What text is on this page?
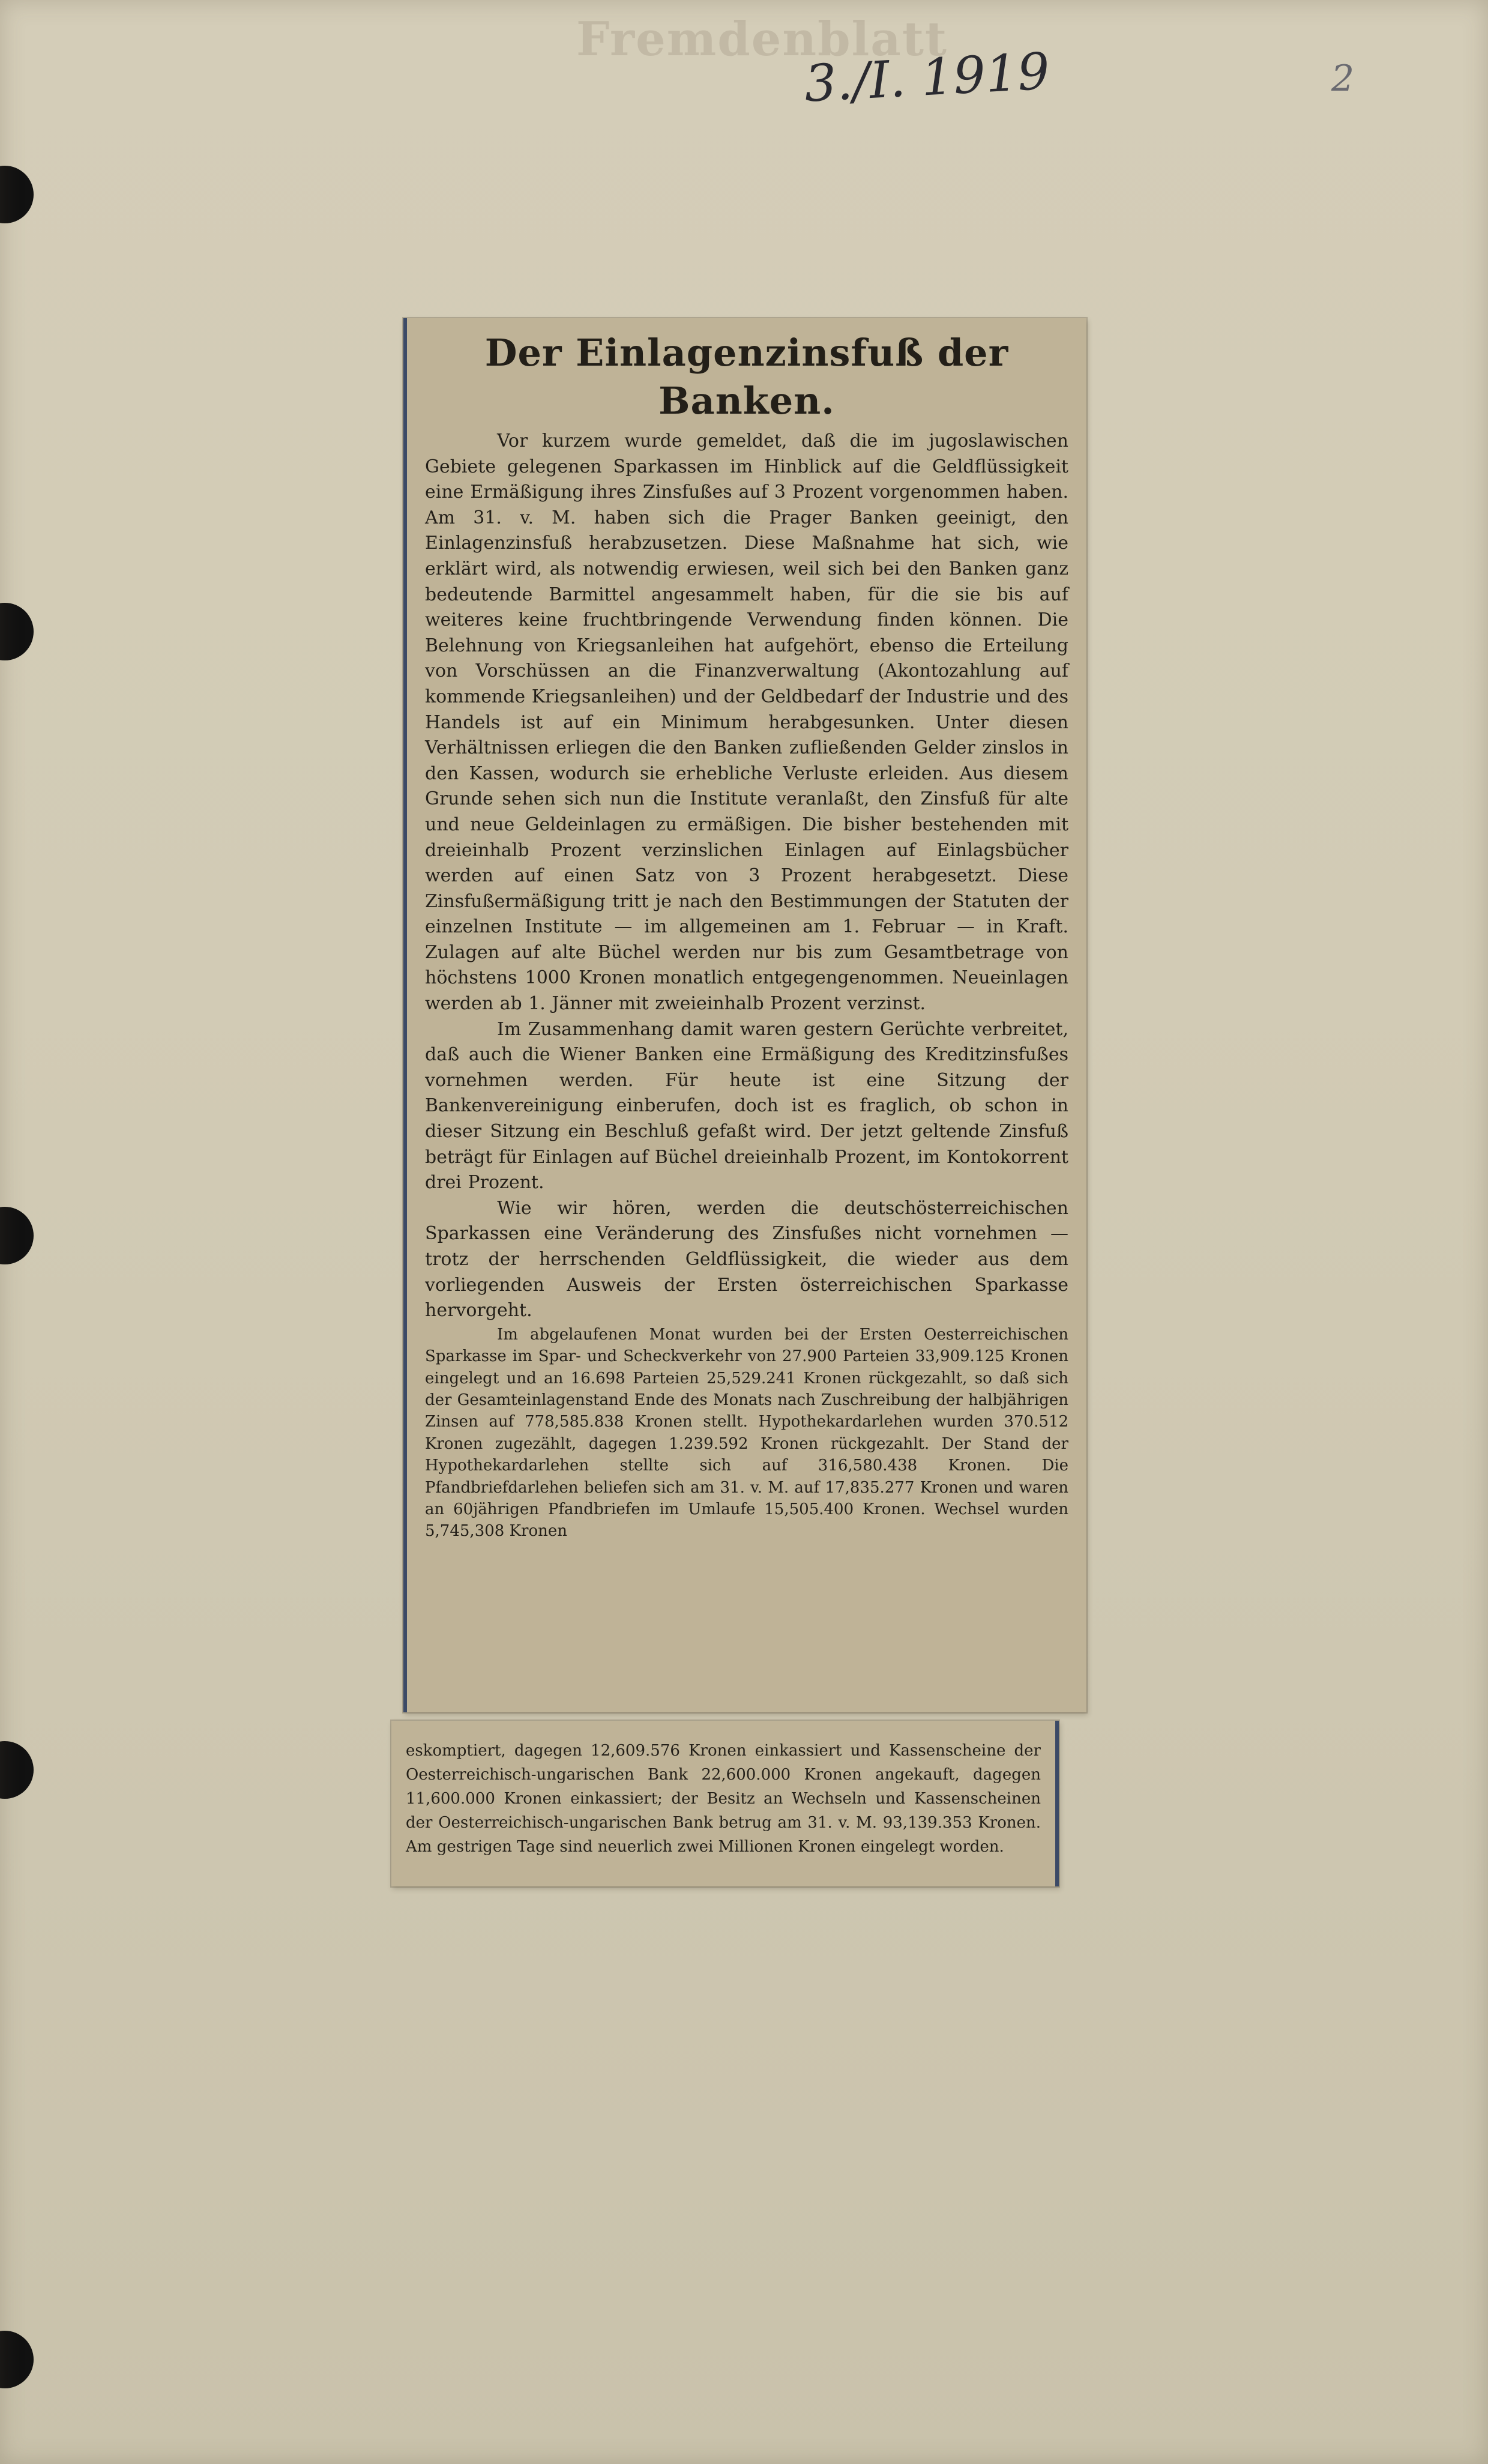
Fremdenblatt
3./I. 1919	2
Der Einlagenzinsfuß der Banken.

Vor kurzem wurde gemeldet, daß die im jugoslawischen Gebiete gelegenen Sparkassen im Hinblick auf die Geldflüssigkeit eine Ermäßigung ihres Zinsfußes auf 3 Prozent vorgenommen haben. Am 31. v. M. haben sich die Prager Banken geeinigt, den Einlagenzinsfuß herabzusetzen. Diese Maßnahme hat sich, wie erklärt wird, als notwendig erwiesen, weil sich bei den Banken ganz bedeutende Barmittel angesammelt haben, für die sie bis auf weiteres keine fruchtbringende Verwendung finden können. Die Belehnung von Kriegsanleihen hat aufgehört, ebenso die Erteilung von Vorschüssen an die Finanzverwaltung (Akontozahlung auf kommende Kriegsanleihen) und der Geldbedarf der Industrie und des Handels ist auf ein Minimum herabgesunken. Unter diesen Verhältnissen erliegen die den Banken zufließenden Gelder zinslos in den Kassen, wodurch sie erhebliche Verluste erleiden. Aus diesem Grunde sehen sich nun die Institute veranlaßt, den Zinsfuß für alte und neue Geldeinlagen zu ermäßigen. Die bisher bestehenden mit dreieinhalb Prozent verzinslichen Einlagen auf Einlagsbücher werden auf einen Satz von 3 Prozent herabgesetzt. Diese Zinsfußermäßigung tritt je nach den Bestimmungen der Statuten der einzelnen Institute — im allgemeinen am 1. Februar — in Kraft. Zulagen auf alte Büchel werden nur bis zum Gesamtbetrage von höchstens 1000 Kronen monatlich entgegengenommen. Neueinlagen werden ab 1. Jänner mit zweieinhalb Prozent verzinst.

Im Zusammenhang damit waren gestern Gerüchte verbreitet, daß auch die Wiener Banken eine Ermäßigung des Kreditzinsfußes vornehmen werden. Für heute ist eine Sitzung der Bankenvereinigung einberufen, doch ist es fraglich, ob schon in dieser Sitzung ein Beschluß gefaßt wird. Der jetzt geltende Zinsfuß beträgt für Einlagen auf Büchel dreieinhalb Prozent, im Kontokorrent drei Prozent.

Wie wir hören, werden die deutschösterreichischen Sparkassen eine Veränderung des Zinsfußes nicht vornehmen — trotz der herrschenden Geldflüssigkeit, die wieder aus dem vorliegenden Ausweis der Ersten österreichischen Sparkasse hervorgeht.

Im abgelaufenen Monat wurden bei der Ersten Oesterreichischen Sparkasse im Spar- und Scheckverkehr von 27.900 Parteien 33,909.125 Kronen eingelegt und an 16.698 Parteien 25,529.241 Kronen rückgezahlt, so daß sich der Gesamteinlagenstand Ende des Monats nach Zuschreibung der halbjährigen Zinsen auf 778,585.838 Kronen stellt. Hypothekardarlehen wurden 370.512 Kronen zugezählt, dagegen 1.239.592 Kronen rückgezahlt. Der Stand der Hypothekardarlehen stellte sich auf 316,580.438 Kronen. Die Pfandbriefdarlehen beliefen sich am 31. v. M. auf 17,835.277 Kronen und waren an 60jährigen Pfandbriefen im Umlaufe 15,505.400 Kronen. Wechsel wurden 5,745,308 Kronen

eskomptiert, dagegen 12,609.576 Kronen einkassiert und Kassenscheine der Oesterreichisch-ungarischen Bank 22,600.000 Kronen angekauft, dagegen 11,600.000 Kronen einkassiert; der Besitz an Wechseln und Kassenscheinen der Oesterreichisch-ungarischen Bank betrug am 31. v. M. 93,139.353 Kronen. Am gestrigen Tage sind neuerlich zwei Millionen Kronen eingelegt worden.
